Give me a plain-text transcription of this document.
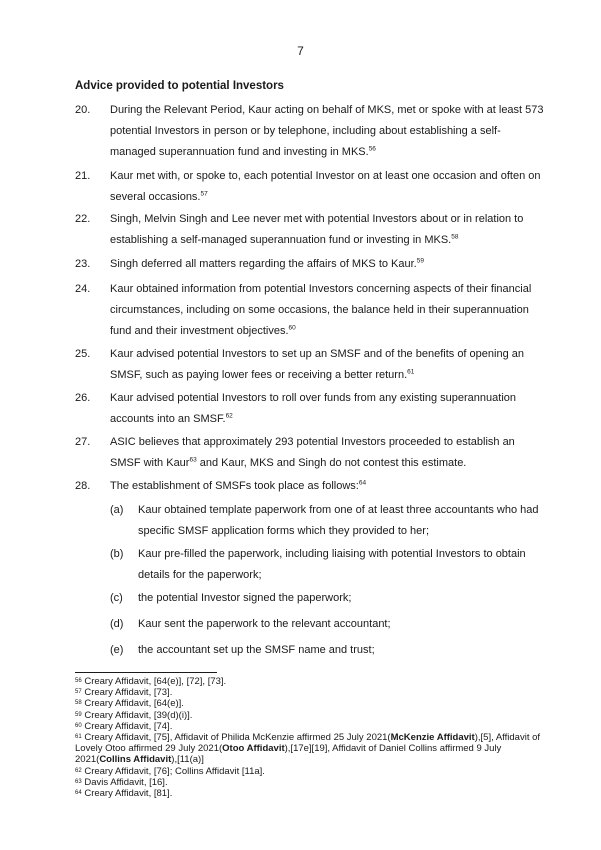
7
Advice provided to potential Investors
20.	During the Relevant Period, Kaur acting on behalf of MKS, met or spoke with at least 573 potential Investors in person or by telephone, including about establishing a self-managed superannuation fund and investing in MKS.$^{56}$
21.	Kaur met with, or spoke to, each potential Investor on at least one occasion and often on several occasions.$^{57}$
22.	Singh, Melvin Singh and Lee never met with potential Investors about or in relation to establishing a self-managed superannuation fund or investing in MKS.$^{58}$
23.	Singh deferred all matters regarding the affairs of MKS to Kaur.$^{59}$
24.	Kaur obtained information from potential Investors concerning aspects of their financial circumstances, including on some occasions, the balance held in their superannuation fund and their investment objectives.$^{60}$
25.	Kaur advised potential Investors to set up an SMSF and of the benefits of opening an SMSF, such as paying lower fees or receiving a better return.$^{61}$
26.	Kaur advised potential Investors to roll over funds from any existing superannuation accounts into an SMSF.$^{62}$
27.	ASIC believes that approximately 293 potential Investors proceeded to establish an SMSF with Kaur$^{63}$ and Kaur, MKS and Singh do not contest this estimate.
28.	The establishment of SMSFs took place as follows:$^{64}$
(a)	Kaur obtained template paperwork from one of at least three accountants who had specific SMSF application forms which they provided to her;
(b)	Kaur pre-filled the paperwork, including liaising with potential Investors to obtain details for the paperwork;
(c)	the potential Investor signed the paperwork;
(d)	Kaur sent the paperwork to the relevant accountant;
(e)	the accountant set up the SMSF name and trust;
$^{56}$ Creary Affidavit, [64(e)], [72], [73].
$^{57}$ Creary Affidavit, [73].
$^{58}$ Creary Affidavit, [64(e)].
$^{59}$ Creary Affidavit, [39(d)(i)].
$^{60}$ Creary Affidavit, [74].
$^{61}$ Creary Affidavit, [75], Affidavit of Philida McKenzie affirmed 25 July 2021(McKenzie Affidavit),[5], Affidavit of Lovely Otoo affirmed 29 July 2021(Otoo Affidavit),[17e][19], Affidavit of Daniel Collins affirmed 9 July 2021(Collins Affidavit),[11(a)]
$^{62}$ Creary Affidavit, [76]; Collins Affidavit [11a].
$^{63}$ Davis Affidavit, [16].
$^{64}$ Creary Affidavit, [81].
